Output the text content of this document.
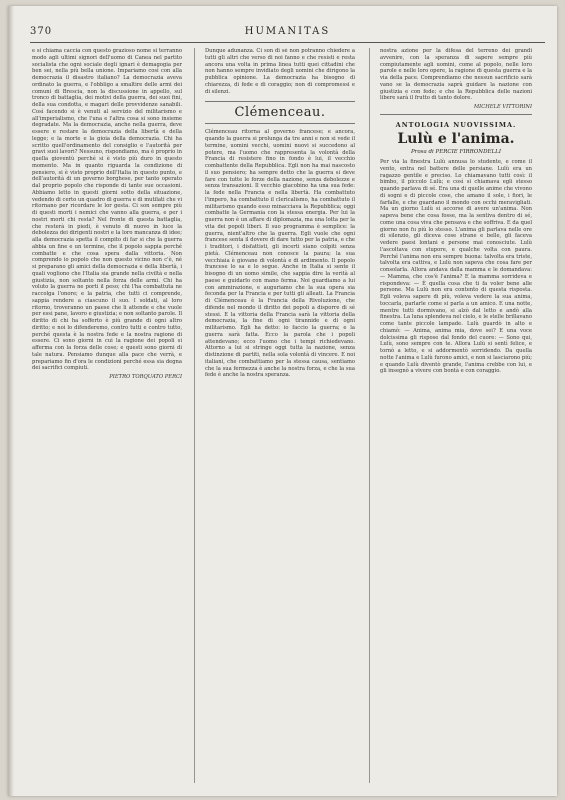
370	HUMANITAS
e si chiama caccia con questo grazioso nome si terranno modo agli ultimi signori dell'uomo di Canea nel partito socialista che ogni sociale degli ignari è demagogia per ben sei, nella più bella unione. Impariamo così con alla democrazia il disastro italiano? La democrazia aveva ordinato la guerra, e l'obbligo a smaltire delle armi dei comuni di Brescia, non la discussione in appello, sul tronco di battaglia, dei motivi della guerra, dei suoi fini, della sua condotta, e magari delle provvidenze sanabili. Così facendo si è venuti al servizio del militarismo e all'imperialismo, che l'una e l'altra cosa si sono insieme degradate. Ma la democrazia, anche nella guerra, deve essere e restare la democrazia della libertà e della legge; e la morte e la gioia della democrazia. Chi ha scritto quell'ordinamento del consiglio e l'autorità per gravi suoi lavori? Nessuno, rispondiamo, ma è proprio in quella gioventù perché si è visto più duro in questo momento. Ma in quanto riguarda la condizione di pensiero, si è visto proprio dell'Italia in questo punto, e dell'autorità di un governo borghese, per tanto operato dal proprio popolo che risponde di tante sue occasioni. Abbiamo letto in questi giorni sotto della situazione, vedendo di certo un quadro di guerra e di mutilati che vi ritornano per ricordare le lor gesta. Ci son sempre più di questi morti i nemici che vanno alla guerra, e per i nostri morti chi resta? Nel fronte di questa battaglia, che resterà in piedi, è venuto di nuovo in luce la debolezza dei dirigenti nostri e la loro mancanza di idee; alla democrazia spetta il compito di far si che la guerra abbia un fine e un termine, che il popolo sappia perché combatte e che cosa spera dalla vittoria. Non comprendo io popolo che non questo vicino non c'è, né si preparano gli amici della democrazia e della libertà, i quali vogliono che l'Italia sia grande nella civiltà e nella giustizia, non soltanto nella forza delle armi. Chi ha voluto la guerra ne porti il peso; chi l'ha combattuta ne raccolga l'onore; e la patria, che tutti ci comprende, sappia rendere a ciascuno il suo. I soldati, al loro ritorno, troveranno un paese che li attende e che vuole per essi pane, lavoro e giustizia; e non soltanto parole. Il diritto di chi ha sofferto è più grande di ogni altro diritto; e noi lo difenderemo, contro tutti e contro tutto, perché questa è la nostra fede e la nostra ragione di essere. Ci sono giorni in cui la ragione dei popoli si afferma con la forza delle cose; e questi sono giorni di tale natura. Pensiamo dunque alla pace che verrà, e prepariamo fin d'ora le condizioni perché essa sia degna dei sacrifici compiuti.
PIETRO TORQUATO PERCI
Dunque adunanza. Ci son di sé non potranno chiedere a tutti gli altri che verso di noi fanno e che resisti e resta ancora una volta in prima linea tutti quei cittadini che non hanno sempre invidiato degli uomini che dirigono la pubblica opinione. La democrazia ha bisogno di chiarezza, di fede e di coraggio; non di compromessi e di silenzi.
Clémenceau.
Clémenceau ritorna al governo francese; e ancora, quando la guerra si prolunga da tre anni e non si vede il termine, uomini vecchi, uomini nuovi si succedono al potere, ma l'uomo che rappresenta la volontà della Francia di resistere fino in fondo è lui, il vecchio combattente della Repubblica. Egli non ha mai nascosto il suo pensiero; ha sempre detto che la guerra si deve fare con tutte le forze della nazione, senza debolezze e senza transazioni. Il vecchio giacobino ha una sua fede: la fede nella Francia e nella libertà. Ha combattuto l'impero, ha combattuto il clericalismo, ha combattuto il militarismo quando esso minacciava la Repubblica; oggi combatte la Germania con la stessa energia. Per lui la guerra non è un affare di diplomazia, ma una lotta per la vita dei popoli liberi. Il suo programma è semplice: la guerra, nient'altro che la guerra. Egli vuole che ogni francese senta il dovere di dare tutto per la patria, e che i traditori, i disfattisti, gli incerti siano colpiti senza pietà. Clémenceau non conosce la paura; la sua vecchiaia è giovane di volontà e di ardimento. Il popolo francese lo sa e lo segue. Anche in Italia si sente il bisogno di un uomo simile, che sappia dire la verità al paese e guidarlo con mano ferma. Noi guardiamo a lui con ammirazione, e auguriamo che la sua opera sia feconda per la Francia e per tutti gli alleati. La Francia di Clémenceau è la Francia della Rivoluzione, che difende nel mondo il diritto dei popoli a disporre di sé stessi. E la vittoria della Francia sarà la vittoria della democrazia, la fine di ogni tirannide e di ogni militarismo. Egli ha detto: io faccio la guerra; e la guerra sarà fatta. Ecco la parola che i popoli attendevano; ecco l'uomo che i tempi richiedevano. Attorno a lui si stringe oggi tutta la nazione, senza distinzione di partiti, nella sola volontà di vincere. E noi italiani, che combattiamo per la stessa causa, sentiamo che la sua fermezza è anche la nostra forza, e che la sua fede è anche la nostra speranza.
nostra azione per la difesa del terreno dei grandi avvenire, con la speranza di sapere sempre più compiutamente agli uomini, come al popolo, nelle loro parole e nelle loro opere, la ragione di questa guerra e la via della pace. Comprendiamo che nessun sacrificio sarà vano se la democrazia saprà guidare la nazione con giustizia e con fede; e che la Repubblica delle nazioni libere sarà il frutto di tanto dolore.
MICHELE VITTORINI
ANTOLOGIA NUOVISSIMA.
Lulù e l'anima.
Prosa di PERCIE FIRRONDELLI
Per via la finestra Lulù annusa lo studente, e come il vento, entra nel battere delle persiane. Lulù era un ragazzo gentile e preciso. Lo chiamavano tutti così: il bimbo, il piccolo Lulù; e così si chiamava egli stesso quando parlava di sé. Era una di quelle anime che vivono di sogni e di piccole cose, che amano il sole, i fiori, le farfalle, e che guardano il mondo con occhi meravigliati. Ma un giorno Lulù si accorse di avere un'anima. Non sapeva bene che cosa fosse, ma la sentiva dentro di sé, come una cosa viva che pensava e che soffriva. E da quel giorno non fu più lo stesso. L'anima gli parlava nelle ore di silenzio, gli diceva cose strane e belle, gli faceva vedere paesi lontani e persone mai conosciute. Lulù l'ascoltava con stupore, e qualche volta con paura. Perché l'anima non era sempre buona: talvolta era triste, talvolta era cattiva, e Lulù non sapeva che cosa fare per consolarla. Allora andava dalla mamma e le domandava: — Mamma, che cos'è l'anima? E la mamma sorrideva e rispondeva: — È quella cosa che ti fa voler bene alle persone. Ma Lulù non era contento di questa risposta. Egli voleva sapere di più, voleva vedere la sua anima, toccarla, parlarle come si parla a un amico. E una notte, mentre tutti dormivano, si alzò dal letto e andò alla finestra. La luna splendeva nel cielo, e le stelle brillavano come tante piccole lampade. Lulù guardò in alto e chiamò: — Anima, anima mia, dove sei? E una voce dolcissima gli rispose dal fondo del cuore: — Sono qui, Lulù, sono sempre con te. Allora Lulù si sentì felice, e tornò a letto, e si addormentò sorridendo. Da quella notte l'anima e Lulù furono amici, e non si lasciarono più; e quando Lulù diventò grande, l'anima crebbe con lui, e gli insegnò a vivere con bontà e con coraggio.
